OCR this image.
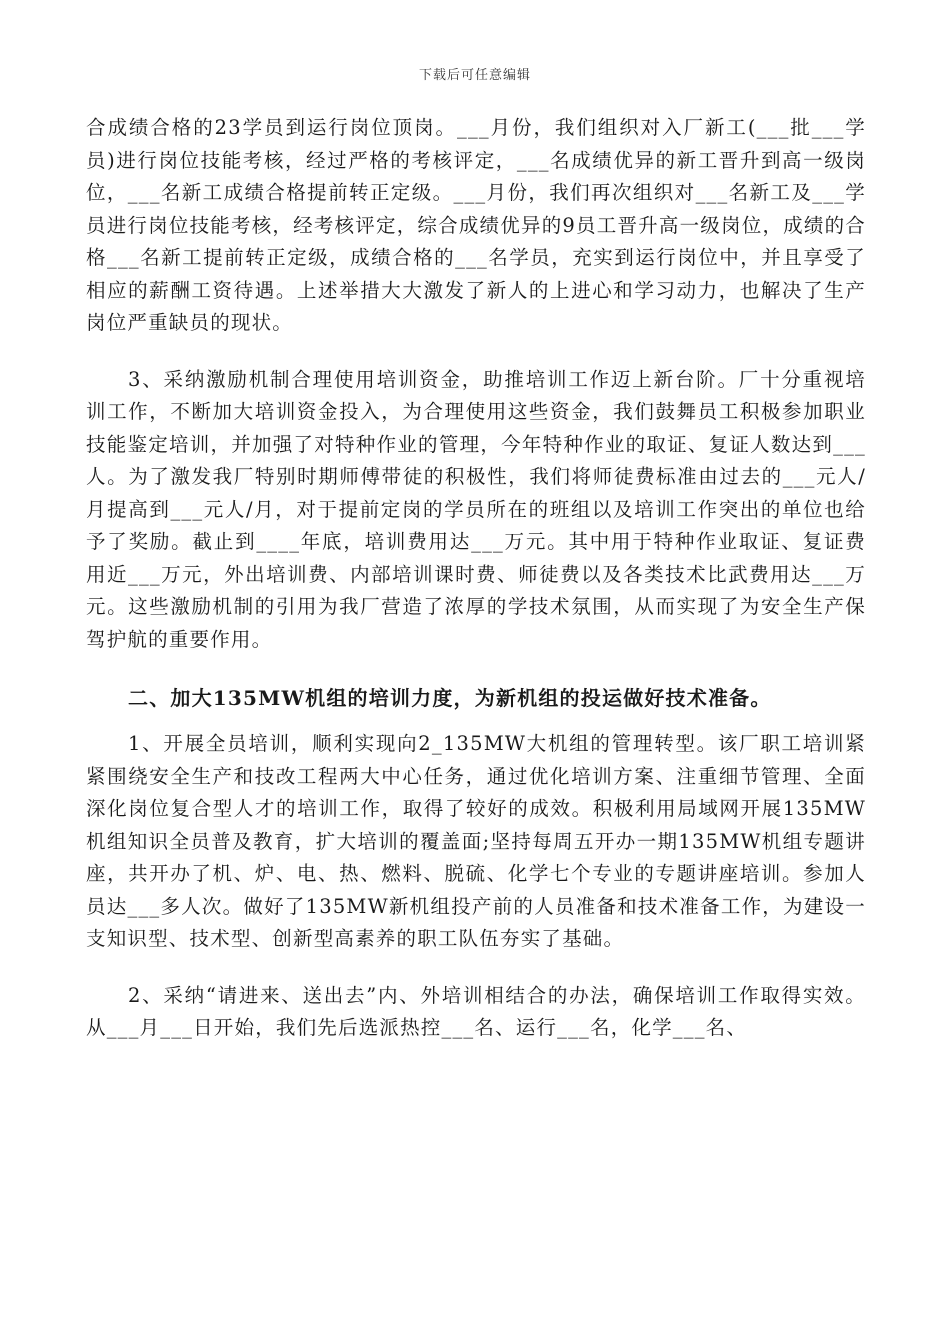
下载后可任意编辑

合成绩合格的23学员到运行岗位顶岗。___月份，我们组织对入厂新工(___批___学员)进行岗位技能考核，经过严格的考核评定，___名成绩优异的新工晋升到高一级岗位，___名新工成绩合格提前转正定级。___月份，我们再次组织对___名新工及___学员进行岗位技能考核，经考核评定，综合成绩优异的9员工晋升高一级岗位，成绩的合格___名新工提前转正定级，成绩合格的___名学员，充实到运行岗位中，并且享受了相应的薪酬工资待遇。上述举措大大激发了新人的上进心和学习动力，也解决了生产岗位严重缺员的现状。

3、采纳激励机制合理使用培训资金，助推培训工作迈上新台阶。厂十分重视培训工作，不断加大培训资金投入，为合理使用这些资金，我们鼓舞员工积极参加职业技能鉴定培训，并加强了对特种作业的管理，今年特种作业的取证、复证人数达到___人。为了激发我厂特别时期师傅带徒的积极性，我们将师徒费标准由过去的___元人/月提高到___元人/月，对于提前定岗的学员所在的班组以及培训工作突出的单位也给予了奖励。截止到____年底，培训费用达___万元。其中用于特种作业取证、复证费用近___万元，外出培训费、内部培训课时费、师徒费以及各类技术比武费用达___万元。这些激励机制的引用为我厂营造了浓厚的学技术氛围，从而实现了为安全生产保驾护航的重要作用。

二、加大135MW机组的培训力度，为新机组的投运做好技术准备。

1、开展全员培训，顺利实现向2_135MW大机组的管理转型。该厂职工培训紧紧围绕安全生产和技改工程两大中心任务，通过优化培训方案、注重细节管理、全面深化岗位复合型人才的培训工作，取得了较好的成效。积极利用局域网开展135MW机组知识全员普及教育，扩大培训的覆盖面;坚持每周五开办一期135MW机组专题讲座，共开办了机、炉、电、热、燃料、脱硫、化学七个专业的专题讲座培训。参加人员达___多人次。做好了135MW新机组投产前的人员准备和技术准备工作，为建设一支知识型、技术型、创新型高素养的职工队伍夯实了基础。

2、采纳“请进来、送出去”内、外培训相结合的办法，确保培训工作取得实效。从___月___日开始，我们先后选派热控___名、运行___名，化学___名、
